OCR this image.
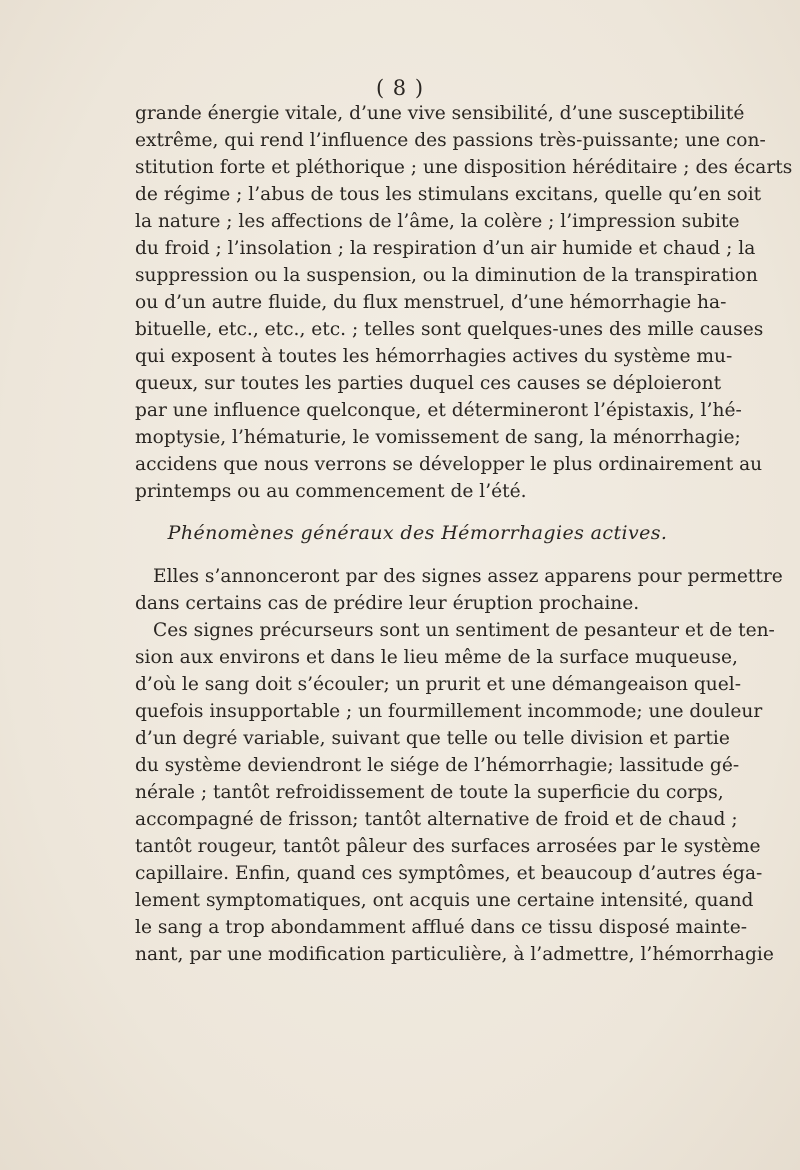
( 8 )
grande énergie vitale, d’une vive sensibilité, d’une susceptibilité
extrême, qui rend l’influence des passions très-puissante; une con-
stitution forte et pléthorique ; une disposition héréditaire ; des écarts
de régime ; l’abus de tous les stimulans excitans, quelle qu’en soit
la nature ; les affections de l’âme, la colère ; l’impression subite
du froid ; l’insolation ; la respiration d’un air humide et chaud ; la
suppression ou la suspension, ou la diminution de la transpiration
ou d’un autre fluide, du flux menstruel, d’une hémorrhagie ha-
bituelle, etc., etc., etc. ; telles sont quelques-unes des mille causes
qui exposent à toutes les hémorrhagies actives du système mu-
queux, sur toutes les parties duquel ces causes se déploieront
par une influence quelconque, et détermineront l’épistaxis, l’hé-
moptysie, l’hématurie, le vomissement de sang, la ménorrhagie;
accidens que nous verrons se développer le plus ordinairement au
printemps ou au commencement de l’été.
Phénomènes généraux des Hémorrhagies actives.
Elles s’annonceront par des signes assez apparens pour permettre
dans certains cas de prédire leur éruption prochaine.
Ces signes précurseurs sont un sentiment de pesanteur et de ten-
sion aux environs et dans le lieu même de la surface muqueuse,
d’où le sang doit s’écouler; un prurit et une démangeaison quel-
quefois insupportable ; un fourmillement incommode; une douleur
d’un degré variable, suivant que telle ou telle division et partie
du système deviendront le siége de l’hémorrhagie; lassitude gé-
nérale ; tantôt refroidissement de toute la superficie du corps,
accompagné de frisson; tantôt alternative de froid et de chaud ;
tantôt rougeur, tantôt pâleur des surfaces arrosées par le système
capillaire. Enfin, quand ces symptômes, et beaucoup d’autres éga-
lement symptomatiques, ont acquis une certaine intensité, quand
le sang a trop abondamment afflué dans ce tissu disposé mainte-
nant, par une modification particulière, à l’admettre, l’hémorrhagie
